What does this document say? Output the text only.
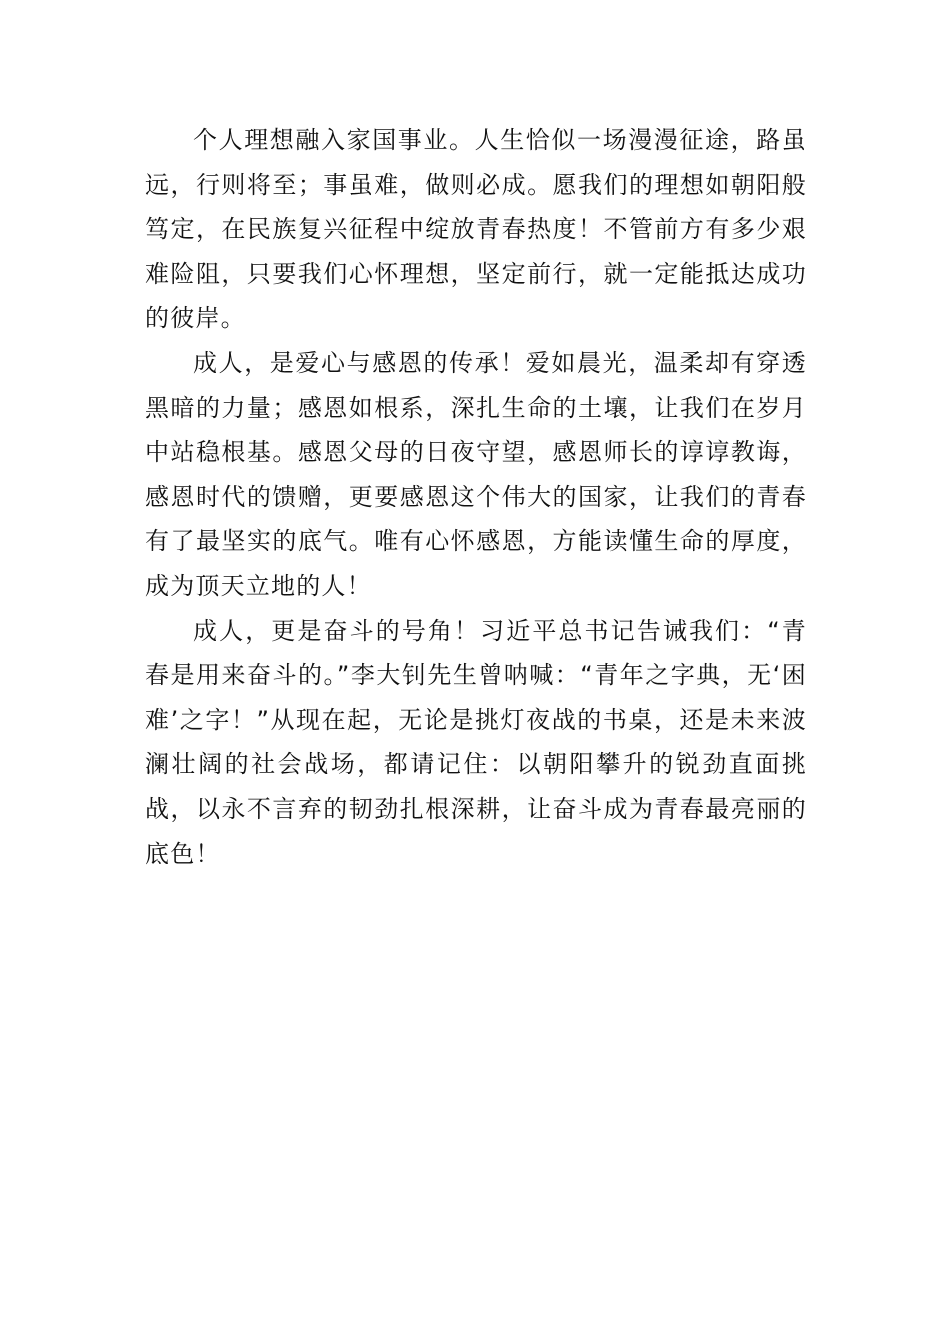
个人理想融入家国事业。人生恰似一场漫漫征途，路虽远，行则将至；事虽难，做则必成。愿我们的理想如朝阳般笃定，在民族复兴征程中绽放青春热度！不管前方有多少艰难险阻，只要我们心怀理想，坚定前行，就一定能抵达成功的彼岸。

成人，是爱心与感恩的传承！爱如晨光，温柔却有穿透黑暗的力量；感恩如根系，深扎生命的土壤，让我们在岁月中站稳根基。感恩父母的日夜守望，感恩师长的谆谆教诲，感恩时代的馈赠，更要感恩这个伟大的国家，让我们的青春有了最坚实的底气。唯有心怀感恩，方能读懂生命的厚度，成为顶天立地的人！

成人，更是奋斗的号角！习近平总书记告诫我们：“青春是用来奋斗的。”李大钊先生曾呐喊：“青年之字典，无‘困难’之字！”从现在起，无论是挑灯夜战的书桌，还是未来波澜壮阔的社会战场，都请记住：以朝阳攀升的锐劲直面挑战，以永不言弃的韧劲扎根深耕，让奋斗成为青春最亮丽的底色！
